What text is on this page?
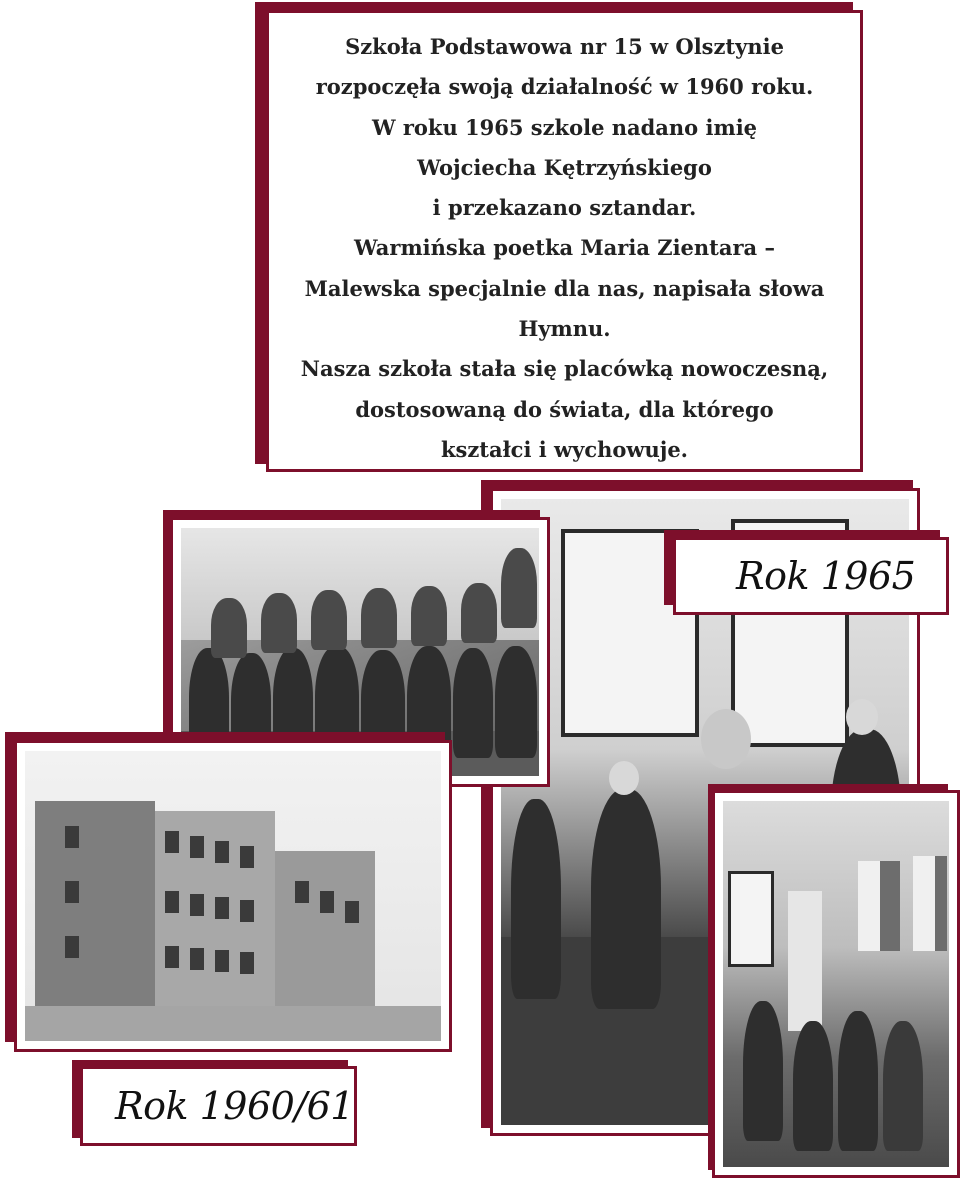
Szkoła Podstawowa nr 15 w Olsztynie
rozpoczęła swoją działalność w 1960 roku.
W roku 1965 szkole nadano imię
Wojciecha Kętrzyńskiego
i przekazano sztandar.
Warmińska poetka Maria Zientara –
Malewska specjalnie dla nas, napisała słowa
Hymnu.
Nasza szkoła stała się placówką nowoczesną,
dostosowaną do świata, dla którego
kształci i wychowuje.
Rok 1965
Rok 1960/61
